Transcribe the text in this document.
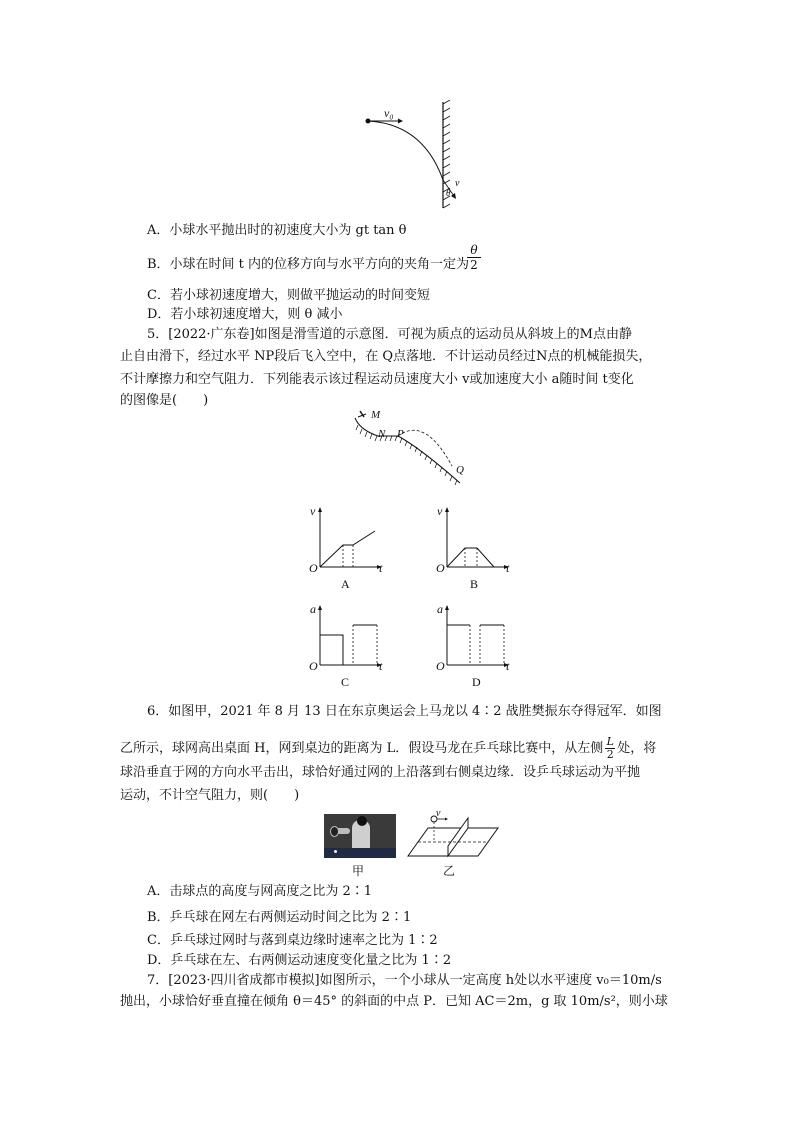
v₀
v
θ
A．小球水平抛出时的初速度大小为 gt tan θ
B．小球在时间 t 内的位移方向与水平方向的夹角一定为
$\frac{\theta}{2}$
C．若小球初速度增大，则做平抛运动的时间变短
D．若小球初速度增大，则 θ 减小
5．[2022·广东卷]如图是滑雪道的示意图．可视为质点的运动员从斜坡上的M点由静
止自由滑下，经过水平 NP段后飞入空中，在 Q点落地．不计运动员经过N点的机械能损失，
不计摩擦力和空气阻力．下列能表示该过程运动员速度大小 v或加速度大小 a随时间 t变化
的图像是(　　)
M
N P
Q
v
O	t
A
v
O	t
B
a
O	t
C
a
O	t
D
6．如图甲，2021 年 8 月 13 日在东京奥运会上马龙以 4∶2 战胜樊振东夺得冠军．如图
乙所示，球网高出桌面 H，网到桌边的距离为 L．假设马龙在乒乓球比赛中，从左侧 $\frac{L}{2}$ 处，将
球沿垂直于网的方向水平击出，球恰好通过网的上沿落到右侧桌边缘．设乒乓球运动为平抛
运动，不计空气阻力，则(　　)
v
甲	乙
A．击球点的高度与网高度之比为 2∶1
B．乒乓球在网左右两侧运动时间之比为 2∶1
C．乒乓球过网时与落到桌边缘时速率之比为 1∶2
D．乒乓球在左、右两侧运动速度变化量之比为 1∶2
7．[2023·四川省成都市模拟]如图所示，一个小球从一定高度 h处以水平速度 v₀＝10m/s
抛出，小球恰好垂直撞在倾角 θ＝45° 的斜面的中点 P．已知 AC＝2m，g 取 10m/s²，则小球
